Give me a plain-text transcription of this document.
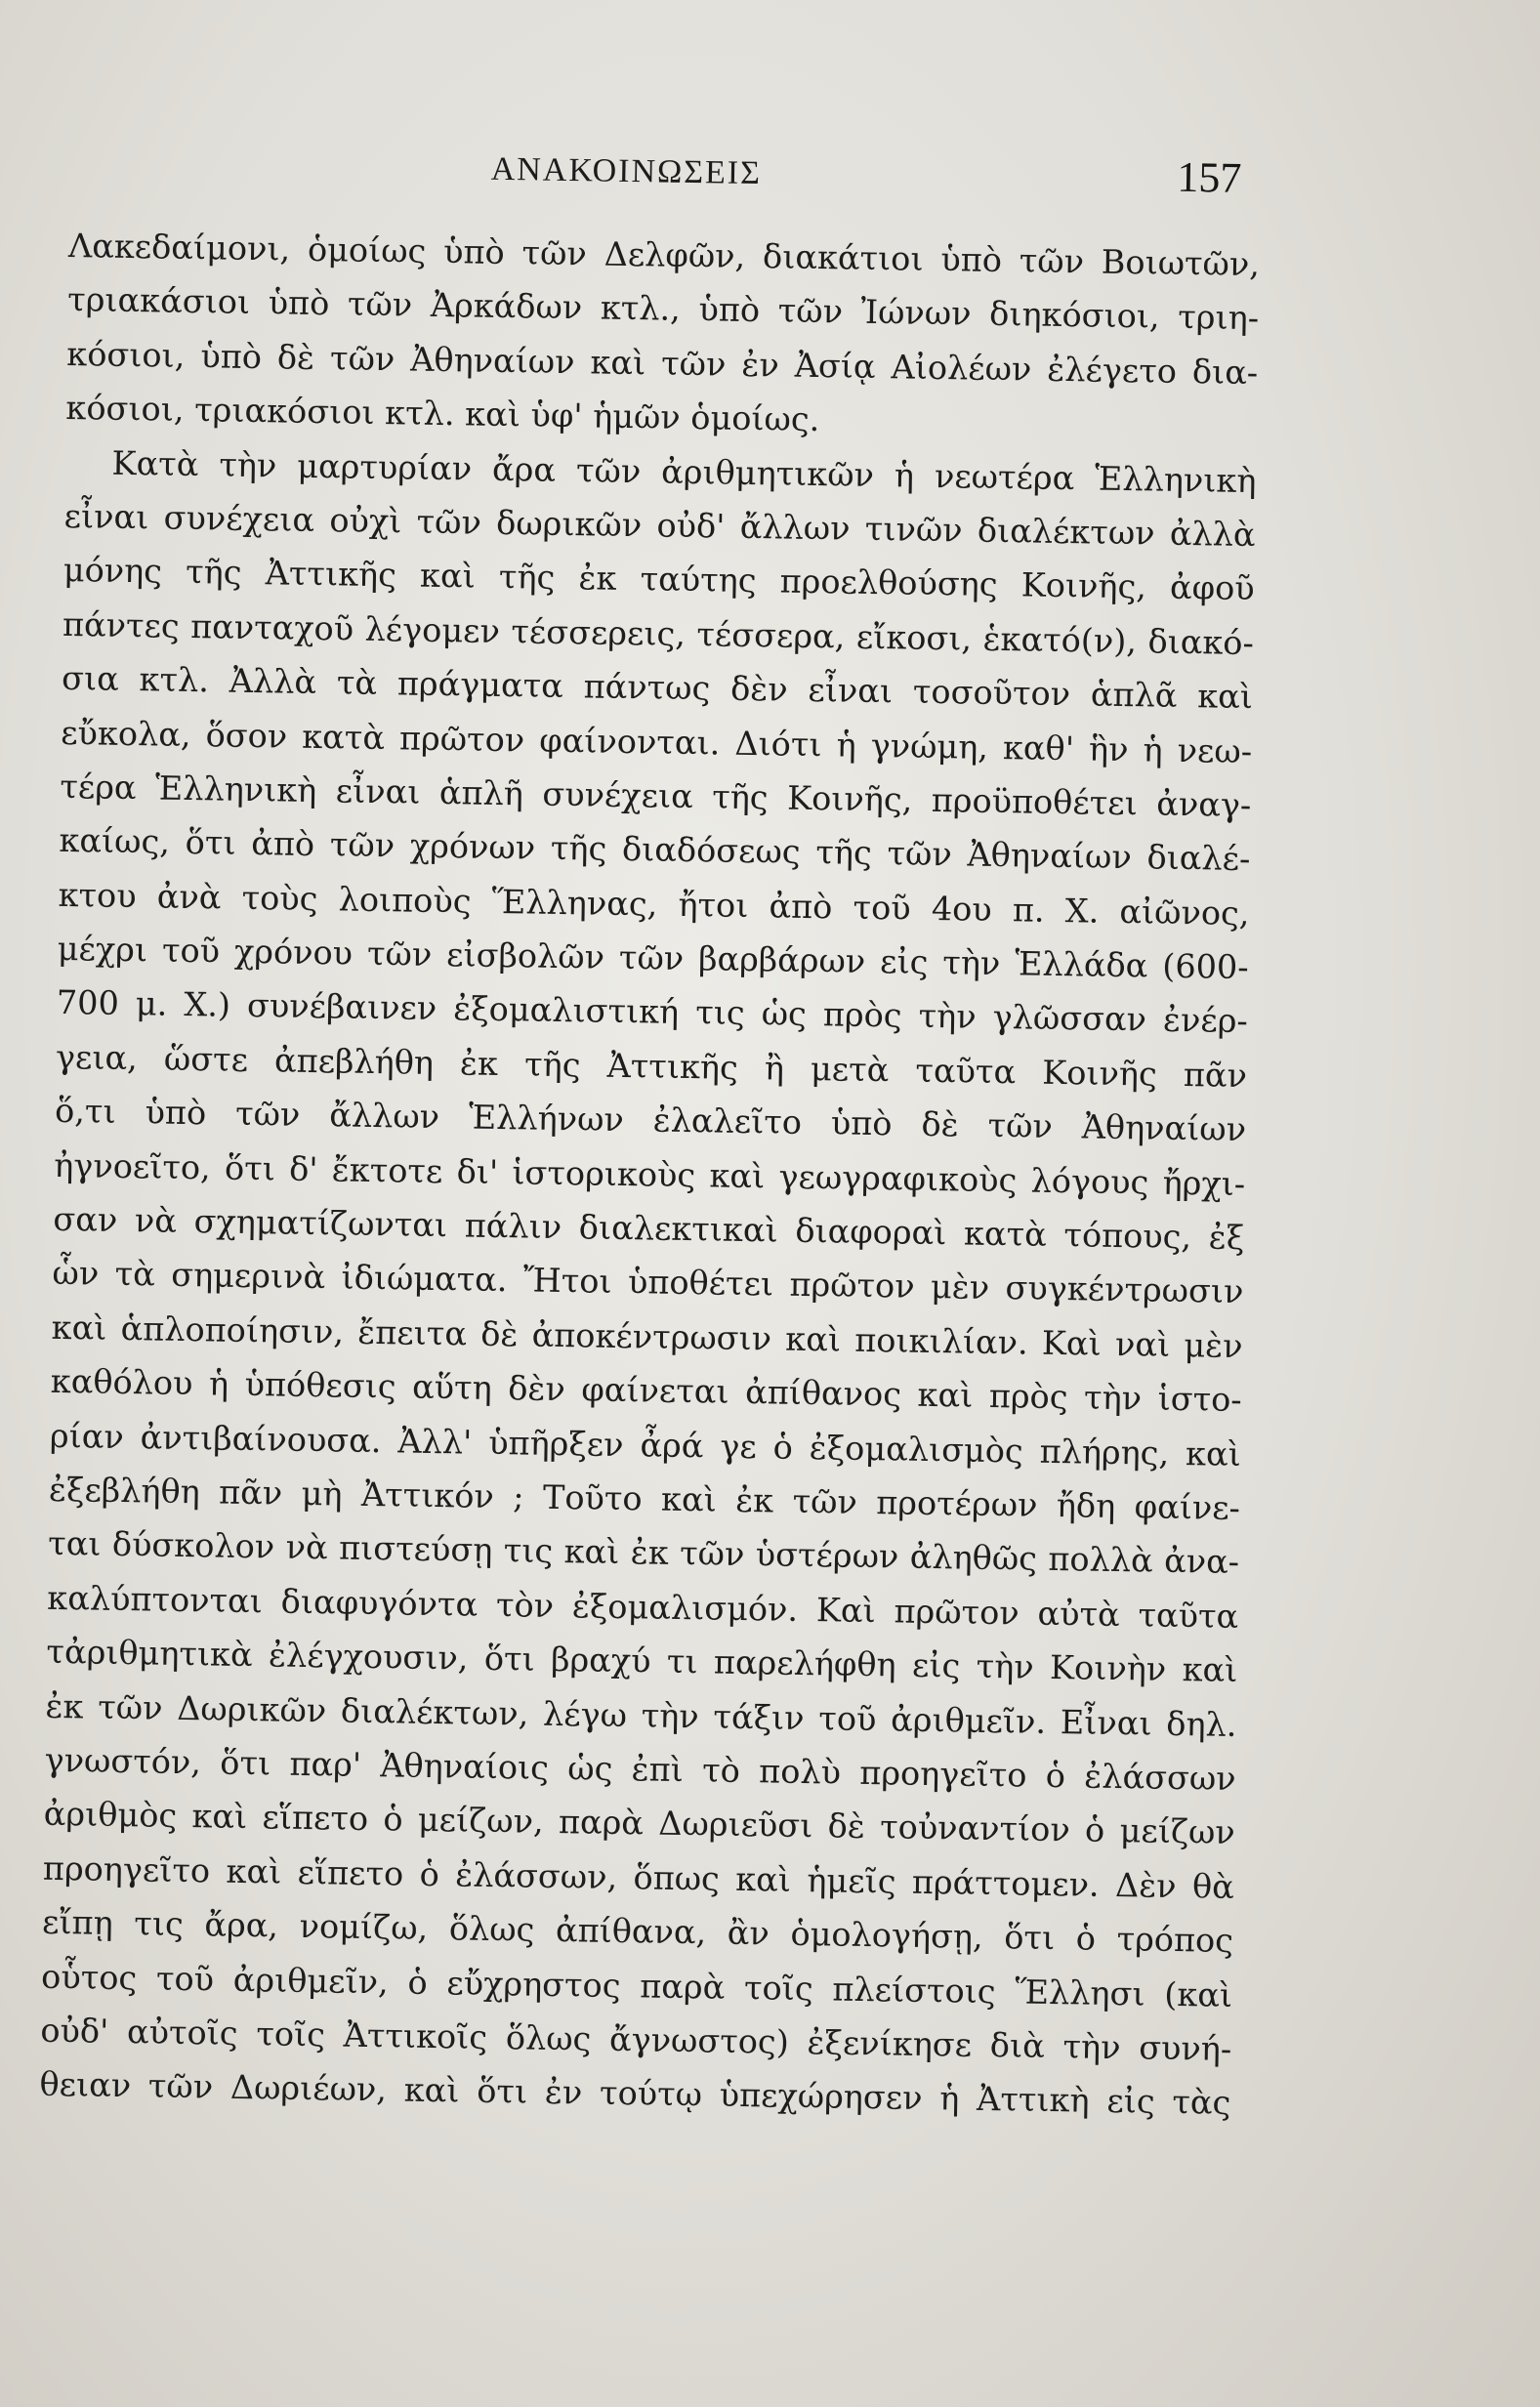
ΑΝΑΚΟΙΝΩΣΕΙΣ	157
Λακεδαίμονι, ὁμοίως ὑπὸ τῶν Δελφῶν, διακάτιοι ὑπὸ τῶν Βοιωτῶν,
τριακάσιοι ὑπὸ τῶν Ἀρκάδων κτλ., ὑπὸ τῶν Ἰώνων διηκόσιοι, τριη-
κόσιοι, ὑπὸ δὲ τῶν Ἀθηναίων καὶ τῶν ἐν Ἀσίᾳ Αἰολέων ἐλέγετο δια-
κόσιοι, τριακόσιοι κτλ. καὶ ὑφ' ἡμῶν ὁμοίως.
Κατὰ τὴν μαρτυρίαν ἄρα τῶν ἀριθμητικῶν ἡ νεωτέρα Ἑλληνικὴ
εἶναι συνέχεια οὐχὶ τῶν δωρικῶν οὐδ' ἄλλων τινῶν διαλέκτων ἀλλὰ
μόνης τῆς Ἀττικῆς καὶ τῆς ἐκ ταύτης προελθούσης Κοινῆς, ἀφοῦ
πάντες πανταχοῦ λέγομεν τέσσερεις, τέσσερα, εἴκοσι, ἑκατό(ν), διακό-
σια κτλ. Ἀλλὰ τὰ πράγματα πάντως δὲν εἶναι τοσοῦτον ἁπλᾶ καὶ
εὔκολα, ὅσον κατὰ πρῶτον φαίνονται. Διότι ἡ γνώμη, καθ' ἣν ἡ νεω-
τέρα Ἑλληνικὴ εἶναι ἁπλῆ συνέχεια τῆς Κοινῆς, προϋποθέτει ἀναγ-
καίως, ὅτι ἀπὸ τῶν χρόνων τῆς διαδόσεως τῆς τῶν Ἀθηναίων διαλέ-
κτου ἀνὰ τοὺς λοιποὺς Ἕλληνας, ἤτοι ἀπὸ τοῦ 4ου π. Χ. αἰῶνος,
μέχρι τοῦ χρόνου τῶν εἰσβολῶν τῶν βαρβάρων εἰς τὴν Ἑλλάδα (600-
700 μ. Χ.) συνέβαινεν ἐξομαλιστική τις ὡς πρὸς τὴν γλῶσσαν ἐνέρ-
γεια, ὥστε ἀπεβλήθη ἐκ τῆς Ἀττικῆς ἢ μετὰ ταῦτα Κοινῆς πᾶν
ὅ,τι ὑπὸ τῶν ἄλλων Ἑλλήνων ἐλαλεῖτο ὑπὸ δὲ τῶν Ἀθηναίων
ἠγνοεῖτο, ὅτι δ' ἔκτοτε δι' ἱστορικοὺς καὶ γεωγραφικοὺς λόγους ἤρχι-
σαν νὰ σχηματίζωνται πάλιν διαλεκτικαὶ διαφοραὶ κατὰ τόπους, ἐξ
ὧν τὰ σημερινὰ ἰδιώματα. Ἤτοι ὑποθέτει πρῶτον μὲν συγκέντρωσιν
καὶ ἁπλοποίησιν, ἔπειτα δὲ ἀποκέντρωσιν καὶ ποικιλίαν. Καὶ ναὶ μὲν
καθόλου ἡ ὑπόθεσις αὕτη δὲν φαίνεται ἀπίθανος καὶ πρὸς τὴν ἱστο-
ρίαν ἀντιβαίνουσα. Ἀλλ' ὑπῆρξεν ἆρά γε ὁ ἐξομαλισμὸς πλήρης, καὶ
ἐξεβλήθη πᾶν μὴ Ἀττικόν ; Τοῦτο καὶ ἐκ τῶν προτέρων ἤδη φαίνε-
ται δύσκολον νὰ πιστεύσῃ τις καὶ ἐκ τῶν ὑστέρων ἀληθῶς πολλὰ ἀνα-
καλύπτονται διαφυγόντα τὸν ἐξομαλισμόν. Καὶ πρῶτον αὐτὰ ταῦτα
τἀριθμητικὰ ἐλέγχουσιν, ὅτι βραχύ τι παρελήφθη εἰς τὴν Κοινὴν καὶ
ἐκ τῶν Δωρικῶν διαλέκτων, λέγω τὴν τάξιν τοῦ ἀριθμεῖν. Εἶναι δηλ.
γνωστόν, ὅτι παρ' Ἀθηναίοις ὡς ἐπὶ τὸ πολὺ προηγεῖτο ὁ ἐλάσσων
ἀριθμὸς καὶ εἵπετο ὁ μείζων, παρὰ Δωριεῦσι δὲ τοὐναντίον ὁ μείζων
προηγεῖτο καὶ εἵπετο ὁ ἐλάσσων, ὅπως καὶ ἡμεῖς πράττομεν. Δὲν θὰ
εἴπῃ τις ἄρα, νομίζω, ὅλως ἀπίθανα, ἂν ὁμολογήσῃ, ὅτι ὁ τρόπος
οὗτος τοῦ ἀριθμεῖν, ὁ εὔχρηστος παρὰ τοῖς πλείστοις Ἕλλησι (καὶ
οὐδ' αὐτοῖς τοῖς Ἀττικοῖς ὅλως ἄγνωστος) ἐξενίκησε διὰ τὴν συνή-
θειαν τῶν Δωριέων, καὶ ὅτι ἐν τούτῳ ὑπεχώρησεν ἡ Ἀττικὴ εἰς τὰς
